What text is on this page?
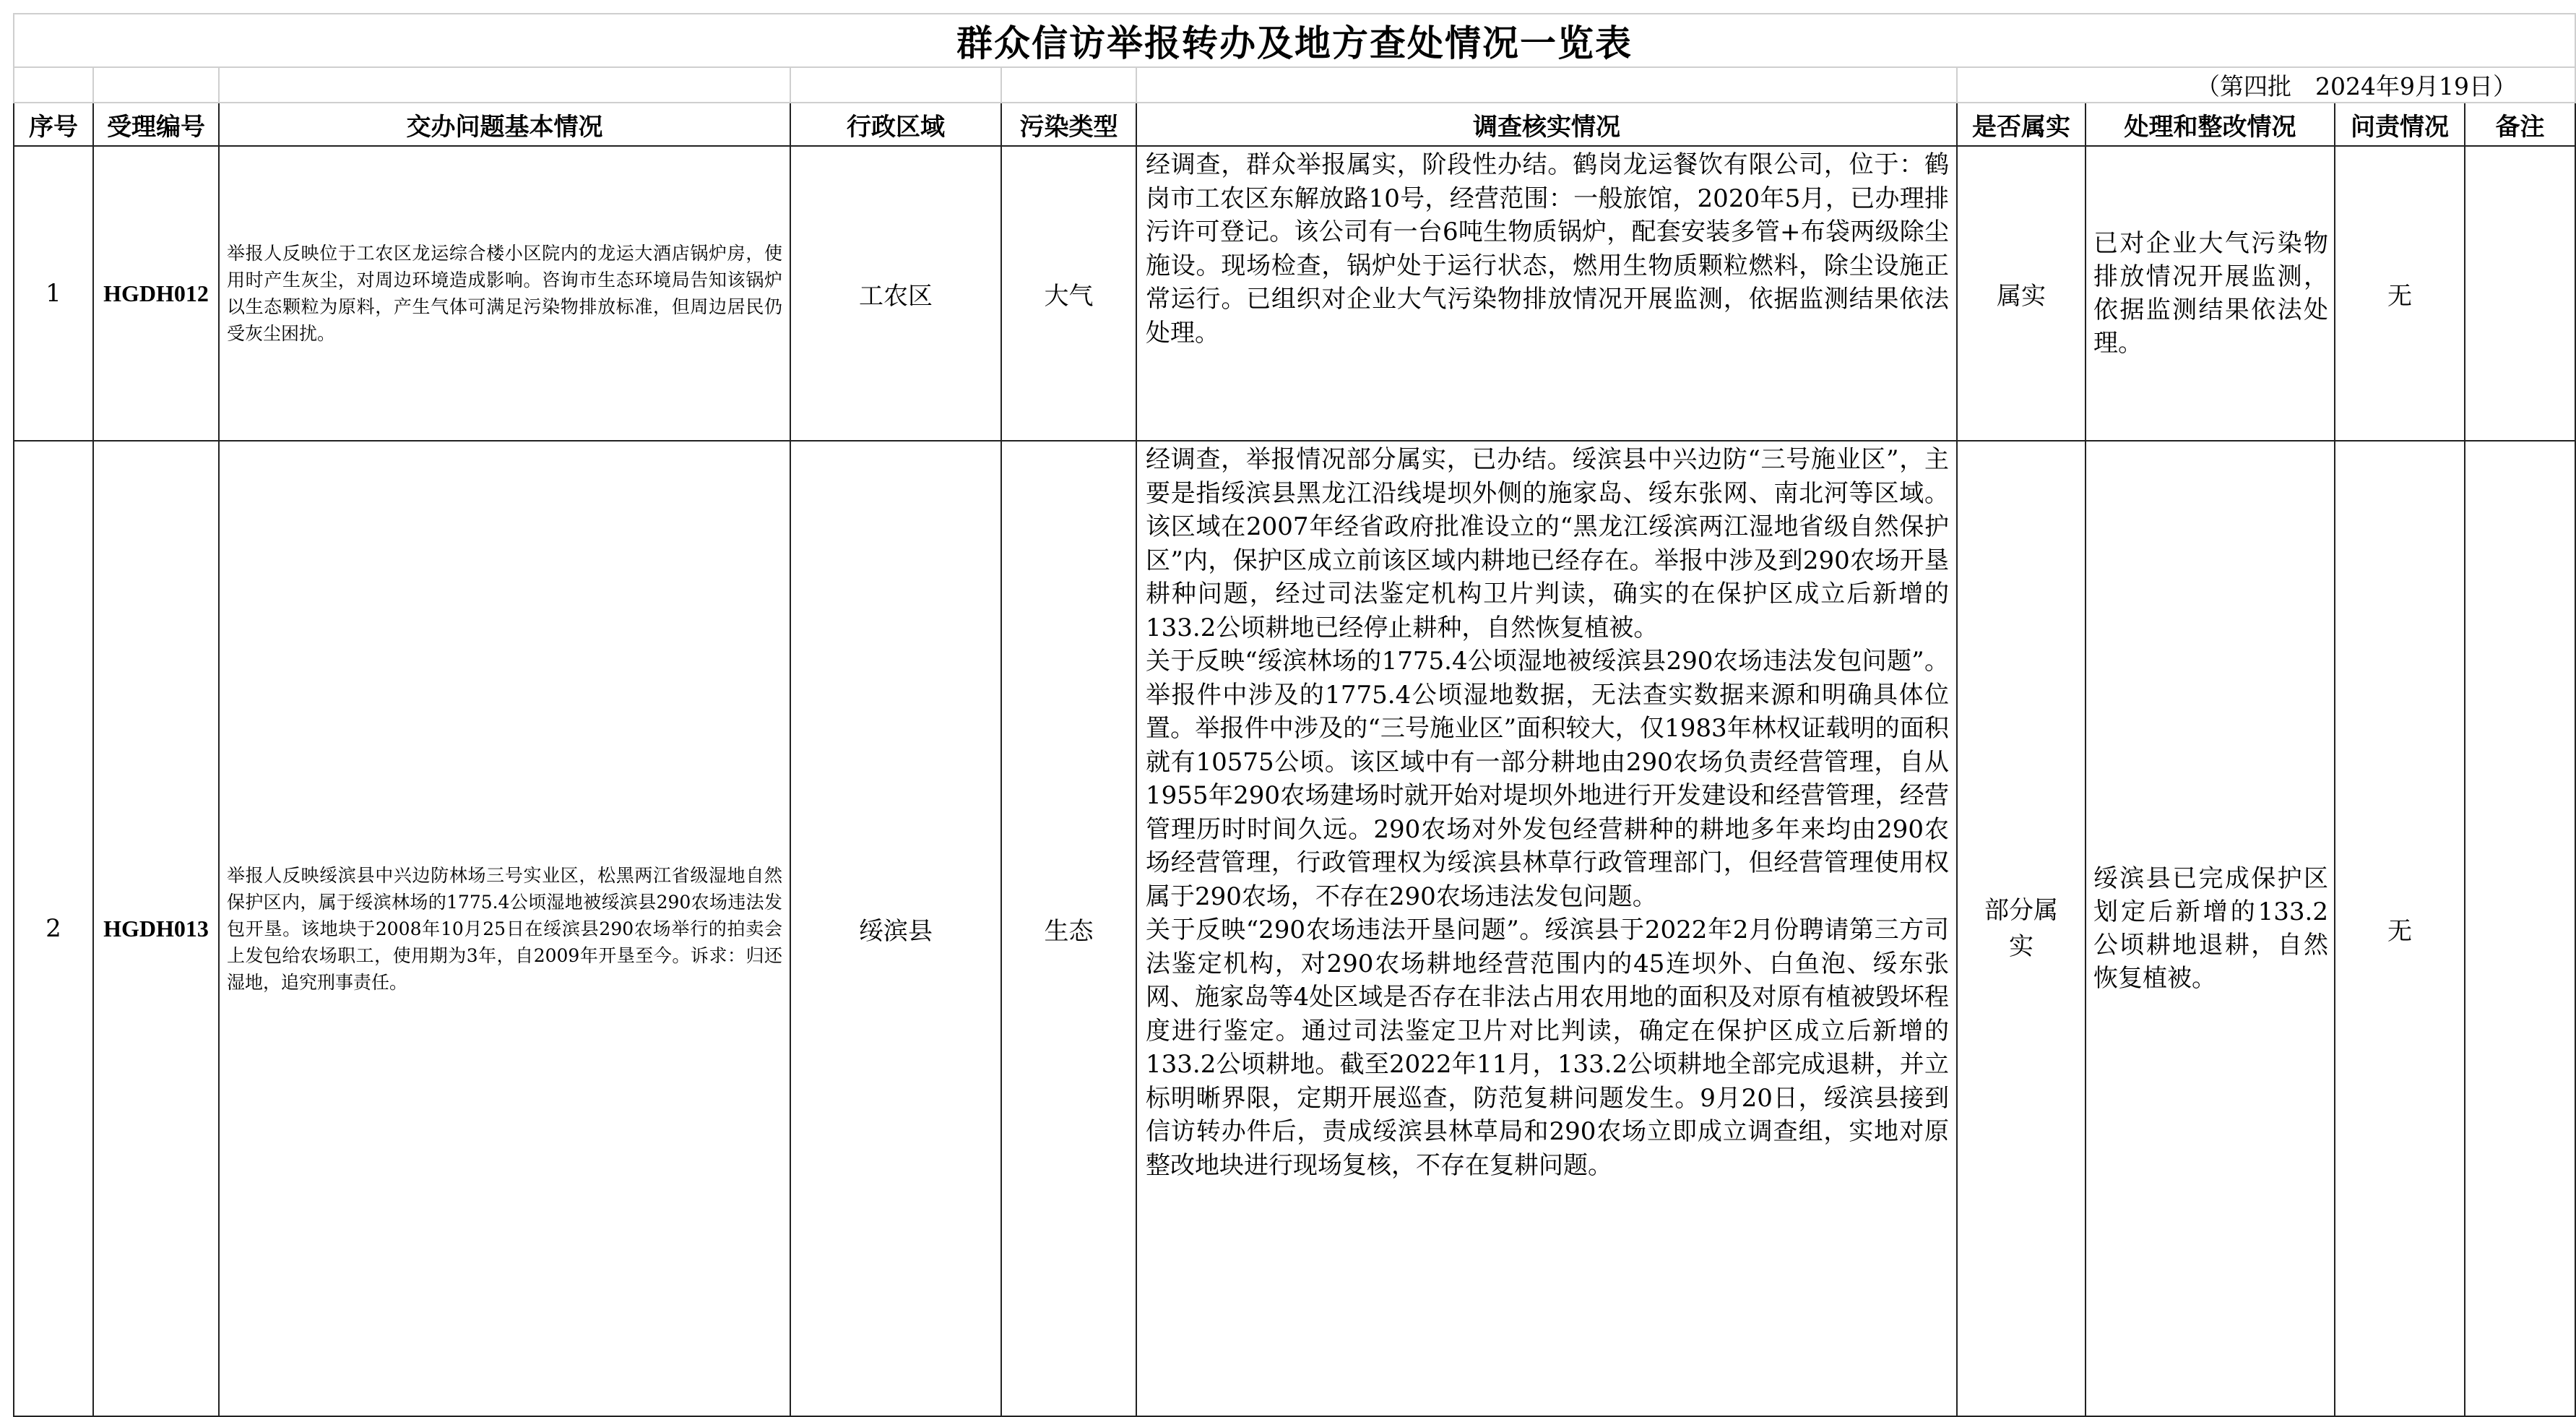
群众信访举报转办及地方查处情况一览表									
						（第四批　2024年9月19日）			
序号	受理编号	交办问题基本情况	行政区域	污染类型	调查核实情况	是否属实	处理和整改情况	问责情况	备注
1	HGDH012	举报人反映位于工农区龙运综合楼小区院内的龙运大酒店锅炉房，使用时产生灰尘，对周边环境造成影响。咨询市生态环境局告知该锅炉以生态颗粒为原料，产生气体可满足污染物排放标准，但周边居民仍受灰尘困扰。	工农区	大气	经调查，群众举报属实，阶段性办结。鹤岗龙运餐饮有限公司，位于：鹤岗市工农区东解放路10号，经营范围：一般旅馆，2020年5月，已办理排污许可登记。该公司有一台6吨生物质锅炉，配套安装多管+布袋两级除尘施设。现场检查，锅炉处于运行状态，燃用生物质颗粒燃料，除尘设施正常运行。已组织对企业大气污染物排放情况开展监测，依据监测结果依法处理。	属实	已对企业大气污染物排放情况开展监测，依据监测结果依法处理。	无	
2	HGDH013	举报人反映绥滨县中兴边防林场三号实业区，松黑两江省级湿地自然保护区内，属于绥滨林场的1775.4公顷湿地被绥滨县290农场违法发包开垦。该地块于2008年10月25日在绥滨县290农场举行的拍卖会上发包给农场职工，使用期为3年，自2009年开垦至今。诉求：归还湿地，追究刑事责任。	绥滨县	生态	经调查，举报情况部分属实，已办结。绥滨县中兴边防“三号施业区”，主要是指绥滨县黑龙江沿线堤坝外侧的施家岛、绥东张网、南北河等区域。该区域在2007年经省政府批准设立的“黑龙江绥滨两江湿地省级自然保护区”内，保护区成立前该区域内耕地已经存在。举报中涉及到290农场开垦耕种问题，经过司法鉴定机构卫片判读，确实的在保护区成立后新增的133.2公顷耕地已经停止耕种，自然恢复植被。

关于反映“绥滨林场的1775.4公顷湿地被绥滨县290农场违法发包问题”。举报件中涉及的1775.4公顷湿地数据，无法查实数据来源和明确具体位置。举报件中涉及的“三号施业区”面积较大，仅1983年林权证载明的面积就有10575公顷。该区域中有一部分耕地由290农场负责经营管理，自从1955年290农场建场时就开始对堤坝外地进行开发建设和经营管理，经营管理历时时间久远。290农场对外发包经营耕种的耕地多年来均由290农场经营管理，行政管理权为绥滨县林草行政管理部门，但经营管理使用权属于290农场，不存在290农场违法发包问题。

关于反映“290农场违法开垦问题”。绥滨县于2022年2月份聘请第三方司法鉴定机构，对290农场耕地经营范围内的45连坝外、白鱼泡、绥东张网、施家岛等4处区域是否存在非法占用农用地的面积及对原有植被毁坏程度进行鉴定。通过司法鉴定卫片对比判读，确定在保护区成立后新增的133.2公顷耕地。截至2022年11月，133.2公顷耕地全部完成退耕，并立标明晰界限，定期开展巡查，防范复耕问题发生。9月20日，绥滨县接到信访转办件后，责成绥滨县林草局和290农场立即成立调查组，实地对原整改地块进行现场复核，不存在复耕问题。	部分属实	绥滨县已完成保护区划定后新增的133.2公顷耕地退耕，自然恢复植被。	无	
